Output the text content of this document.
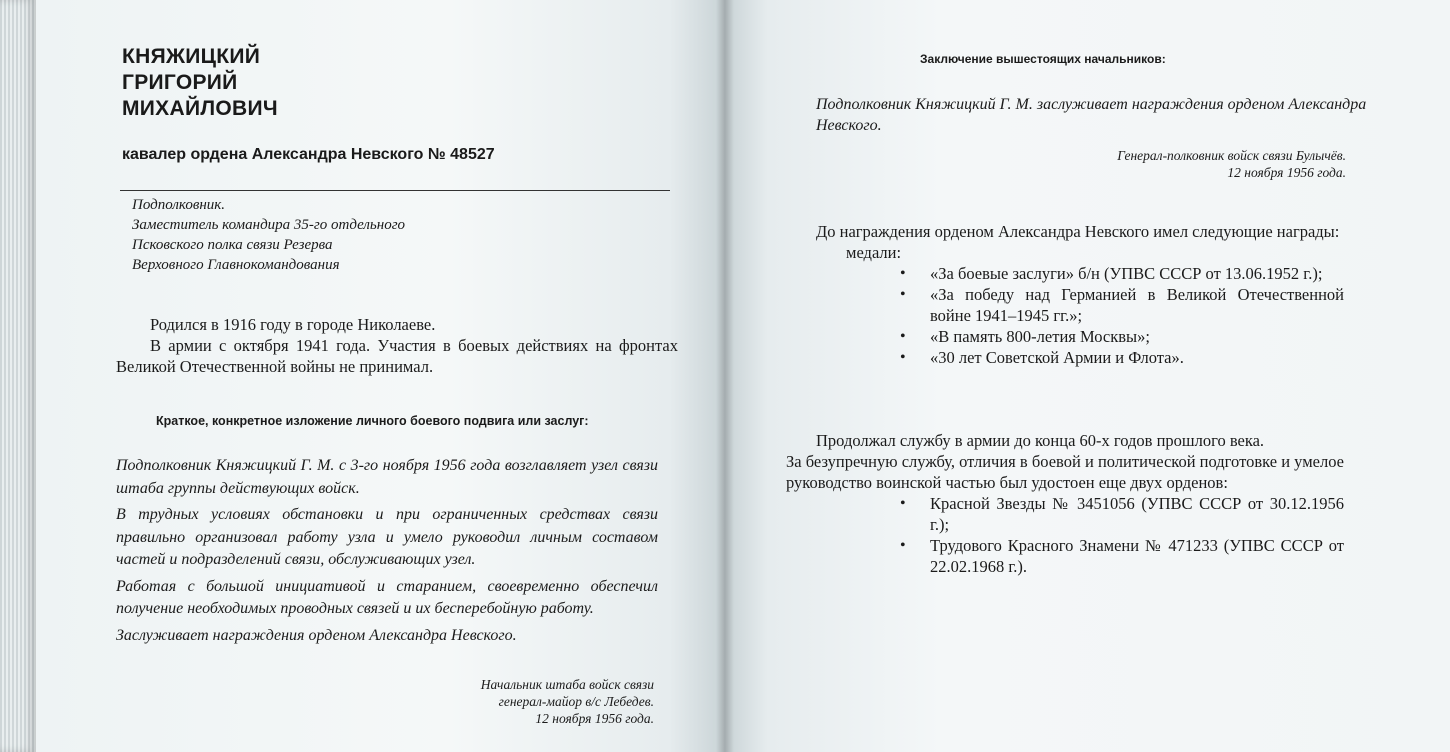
КНЯЖИЦКИЙ
ГРИГОРИЙ
МИХАЙЛОВИЧ
кавалер ордена Александра Невского № 48527
Подполковник.
Заместитель командира 35-го отдельного
Псковского полка связи Резерва
Верховного Главнокомандования

Родился в 1916 году в городе Николаеве.

В армии с октября 1941 года. Участия в боевых действиях на фронтах Великой Отечественной войны не принимал.

Краткое, конкретное изложение личного боевого подвига или заслуг:

Подполковник Княжицкий Г. М. с 3-го ноября 1956 года возглавляет узел связи штаба группы действующих войск.

В трудных условиях обстановки и при ограниченных средствах связи правильно организовал работу узла и умело руководил личным составом частей и подразделений связи, обслуживающих узел.

Работая с большой инициативой и старанием, своевременно обеспечил получение необходимых проводных связей и их бесперебойную работу.

Заслуживает награждения орденом Александра Невского.

Начальник штаба войск связи
генерал-майор в/с Лебедев.
12 ноября 1956 года.
Заключение вышестоящих начальников:
Подполковник Княжицкий Г. М. заслуживает награждения орденом Александра Невского.
Генерал-полковник войск связи Булычёв.
12 ноября 1956 года.

До награждения орденом Александра Невского имел следующие награды:

медали:
• «За боевые заслуги» б/н (УПВС СССР от 13.06.1952 г.);
• «За победу над Германией в Великой Отечественной войне 1941–1945 гг.»;
• «В память 800-летия Москвы»;
• «30 лет Советской Армии и Флота».

Продолжал службу в армии до конца 60-х годов прошлого века.

За безупречную службу, отличия в боевой и политической подготовке и умелое руководство воинской частью был удостоен еще двух орденов:

• Красной Звезды № 3451056 (УПВС СССР от 30.12.1956 г.);
• Трудового Красного Знамени № 471233 (УПВС СССР от 22.02.1968 г.).
